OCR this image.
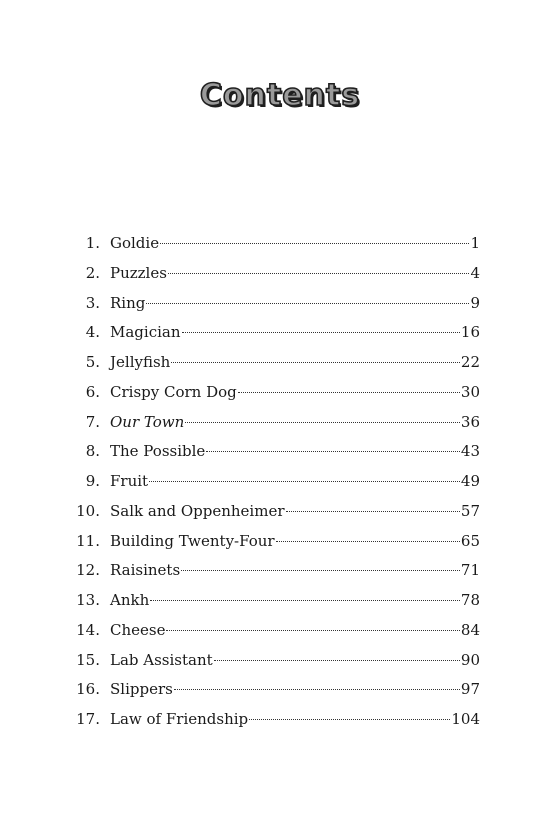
Contents
1. Goldie	1
2. Puzzles	4
3. Ring	9
4. Magician	16
5. Jellyfish	22
6. Crispy Corn Dog	30
7. Our Town	36
8. The Possible	43
9. Fruit	49
10. Salk and Oppenheimer	57
11. Building Twenty-Four	65
12. Raisinets	71
13. Ankh	78
14. Cheese	84
15. Lab Assistant	90
16. Slippers	97
17. Law of Friendship	104
